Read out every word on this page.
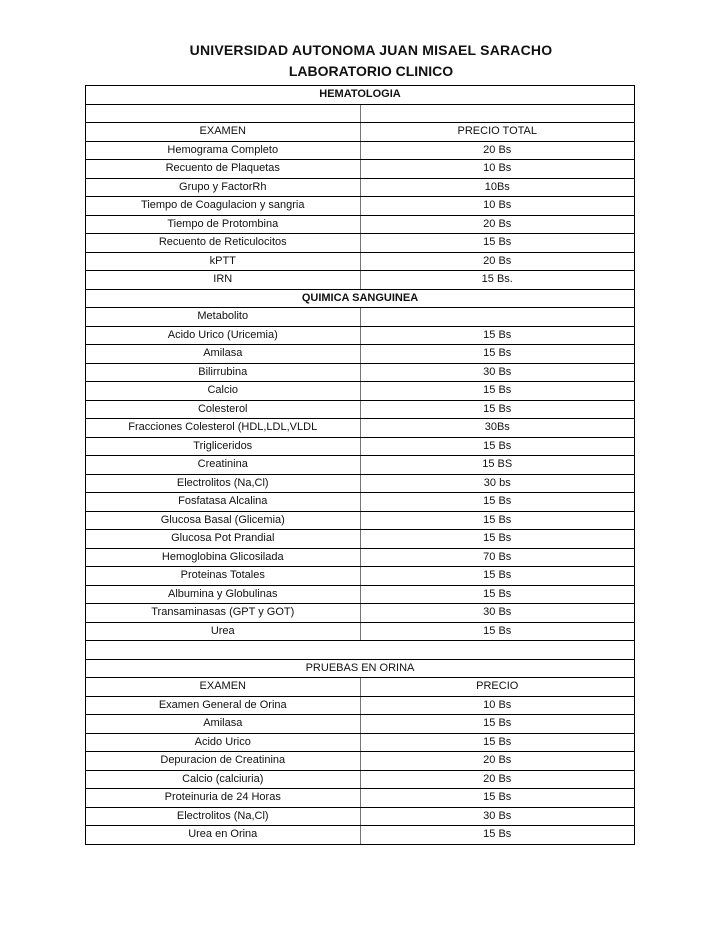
UNIVERSIDAD AUTONOMA JUAN MISAEL SARACHO
LABORATORIO CLINICO
HEMATOLOGIA	

EXAMEN	PRECIO TOTAL
Hemograma Completo	20 Bs
Recuento de Plaquetas	10 Bs
Grupo y FactorRh	10Bs
Tiempo de Coagulacion y sangria	10 Bs
Tiempo de Protombina	20 Bs
Recuento de Reticulocitos	15 Bs
kPTT	20 Bs
IRN	15 Bs.
QUIMICA SANGUINEA	
Metabolito	
Acido Urico (Uricemia)	15 Bs
Amilasa	15 Bs
Bilirrubina	30 Bs
Calcio	15 Bs
Colesterol	15 Bs
Fracciones Colesterol (HDL,LDL,VLDL	30Bs
Trigliceridos	15 Bs
Creatinina	15 BS
Electrolitos (Na,Cl)	30 bs
Fosfatasa Alcalina	15 Bs
Glucosa Basal (Glicemia)	15 Bs
Glucosa Pot Prandial	15 Bs
Hemoglobina Glicosilada	70 Bs
Proteinas Totales	15 Bs
Albumina y Globulinas	15 Bs
Transaminasas (GPT y GOT)	30 Bs
Urea	15 Bs

PRUEBAS EN ORINA	
EXAMEN	PRECIO
Examen General de Orina	10 Bs
Amilasa	15 Bs
Acido Urico	15 Bs
Depuracion de Creatinina	20 Bs
Calcio (calciuria)	20 Bs
Proteinuria de 24 Horas	15 Bs
Electrolitos (Na,Cl)	30 Bs
Urea en Orina	15 Bs
